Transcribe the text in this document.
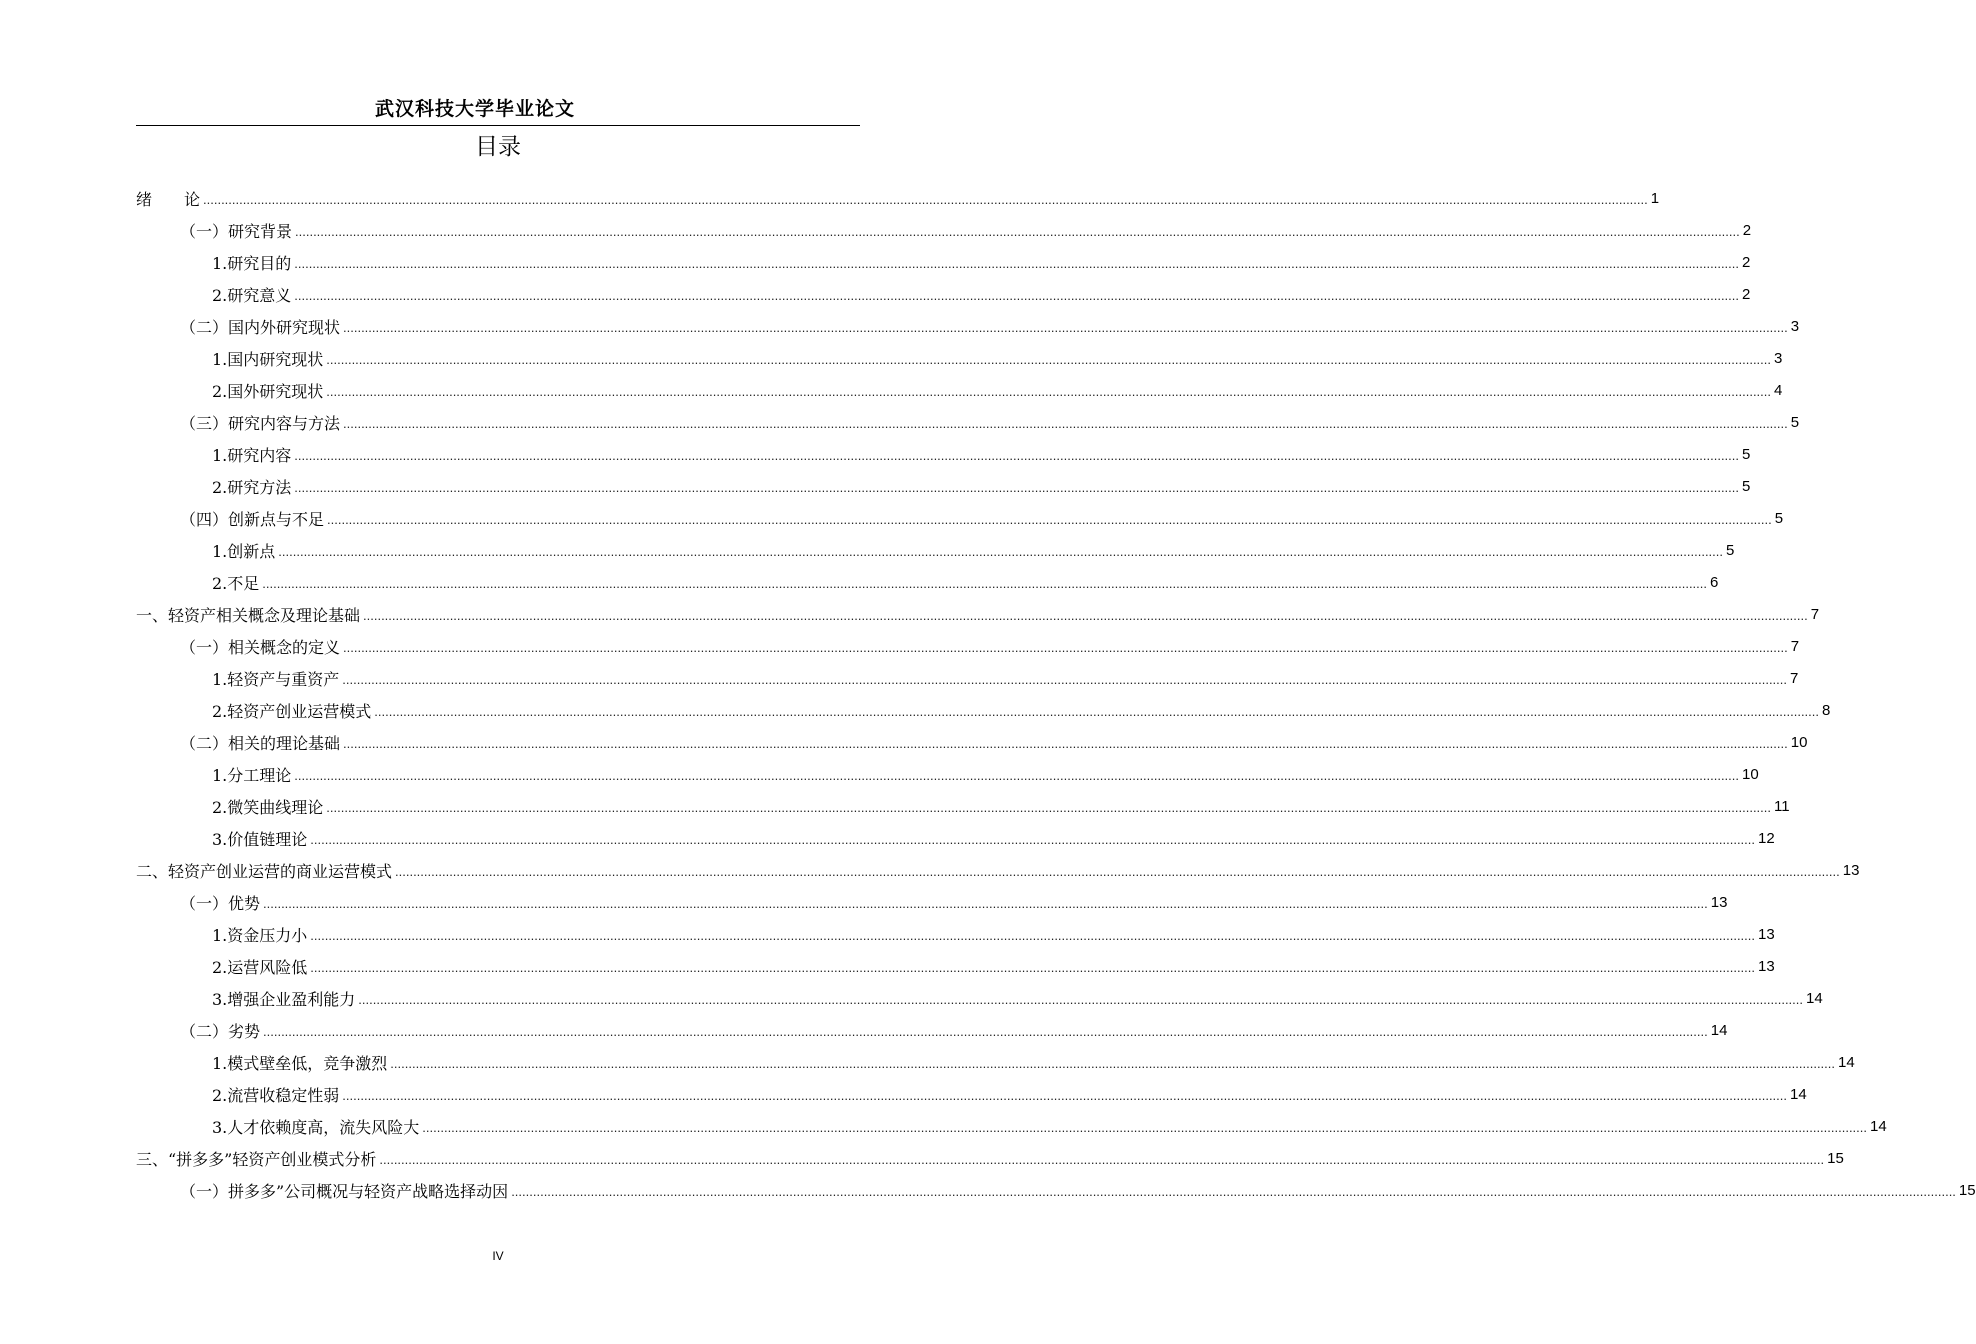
武汉科技大学毕业论文
目录
绪　　论 ................................................................................................................................................................................................................................................................................................................................................................................................................ 1
（一）研究背景 ................................................................................................................................................................................................................................................................................................................................................................................................................ 2
1.研究目的 ................................................................................................................................................................................................................................................................................................................................................................................................................ 2
2.研究意义 ................................................................................................................................................................................................................................................................................................................................................................................................................ 2
（二）国内外研究现状 ................................................................................................................................................................................................................................................................................................................................................................................................................ 3
1.国内研究现状 ................................................................................................................................................................................................................................................................................................................................................................................................................ 3
2.国外研究现状 ................................................................................................................................................................................................................................................................................................................................................................................................................ 4
（三）研究内容与方法 ................................................................................................................................................................................................................................................................................................................................................................................................................ 5
1.研究内容 ................................................................................................................................................................................................................................................................................................................................................................................................................ 5
2.研究方法 ................................................................................................................................................................................................................................................................................................................................................................................................................ 5
（四）创新点与不足 ................................................................................................................................................................................................................................................................................................................................................................................................................ 5
1.创新点 ................................................................................................................................................................................................................................................................................................................................................................................................................ 5
2.不足 ................................................................................................................................................................................................................................................................................................................................................................................................................ 6
一、轻资产相关概念及理论基础 ................................................................................................................................................................................................................................................................................................................................................................................................................ 7
（一）相关概念的定义 ................................................................................................................................................................................................................................................................................................................................................................................................................ 7
1.轻资产与重资产 ................................................................................................................................................................................................................................................................................................................................................................................................................ 7
2.轻资产创业运营模式 ................................................................................................................................................................................................................................................................................................................................................................................................................ 8
（二）相关的理论基础 ................................................................................................................................................................................................................................................................................................................................................................................................................ 10
1.分工理论 ................................................................................................................................................................................................................................................................................................................................................................................................................ 10
2.微笑曲线理论 ................................................................................................................................................................................................................................................................................................................................................................................................................ 11
3.价值链理论 ................................................................................................................................................................................................................................................................................................................................................................................................................ 12
二、轻资产创业运营的商业运营模式 ................................................................................................................................................................................................................................................................................................................................................................................................................ 13
（一）优势 ................................................................................................................................................................................................................................................................................................................................................................................................................ 13
1.资金压力小 ................................................................................................................................................................................................................................................................................................................................................................................................................ 13
2.运营风险低 ................................................................................................................................................................................................................................................................................................................................................................................................................ 13
3.增强企业盈利能力 ................................................................................................................................................................................................................................................................................................................................................................................................................ 14
（二）劣势 ................................................................................................................................................................................................................................................................................................................................................................................................................ 14
1.模式壁垒低，竞争激烈 ................................................................................................................................................................................................................................................................................................................................................................................................................ 14
2.流营收稳定性弱 ................................................................................................................................................................................................................................................................................................................................................................................................................ 14
3.人才依赖度高，流失风险大 ................................................................................................................................................................................................................................................................................................................................................................................................................ 14
三、“拼多多”轻资产创业模式分析 ................................................................................................................................................................................................................................................................................................................................................................................................................ 15
（一）拼多多”公司概况与轻资产战略选择动因 ................................................................................................................................................................................................................................................................................................................................................................................................................ 15
IV
